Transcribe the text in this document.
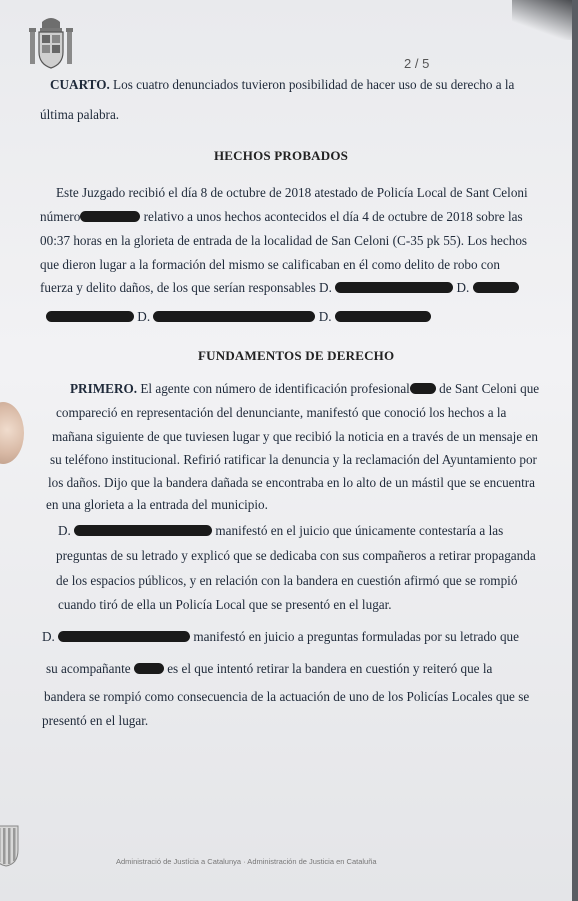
2 / 5
CUARTO. Los cuatro denunciados tuvieron posibilidad de hacer uso de su derecho a la
última palabra.
HECHOS PROBADOS
Este Juzgado recibió el día 8 de octubre de 2018 atestado de Policía Local de Sant Celoni
número	relativo a unos hechos acontecidos el día 4 de octubre de 2018 sobre las
00:37 horas en la glorieta de entrada de la localidad de San Celoni (C-35 pk 55). Los hechos
que dieron lugar a la formación del mismo se calificaban en él como delito de robo con
fuerza y delito daños, de los que serían responsables D.	D.
D.	D.
FUNDAMENTOS DE DERECHO
PRIMERO. El agente con número de identificación profesional de Sant Celoni que
compareció en representación del denunciante, manifestó que conoció los hechos a la
mañana siguiente de que tuviesen lugar y que recibió la noticia en a través de un mensaje en
su teléfono institucional. Refirió ratificar la denuncia y la reclamación del Ayuntamiento por
los daños. Dijo que la bandera dañada se encontraba en lo alto de un mástil que se encuentra
en una glorieta a la entrada del municipio.
D.	manifestó en el juicio que únicamente contestaría a las
preguntas de su letrado y explicó que se dedicaba con sus compañeros a retirar propaganda
de los espacios públicos, y en relación con la bandera en cuestión afirmó que se rompió
cuando tiró de ella un Policía Local que se presentó en el lugar.
D.	manifestó en juicio a preguntas formuladas por su letrado que
su acompañante	es el que intentó retirar la bandera en cuestión y reiteró que la
bandera se rompió como consecuencia de la actuación de uno de los Policías Locales que se
presentó en el lugar.
Administració de Justícia a Catalunya · Administración de Justicia en Cataluña
